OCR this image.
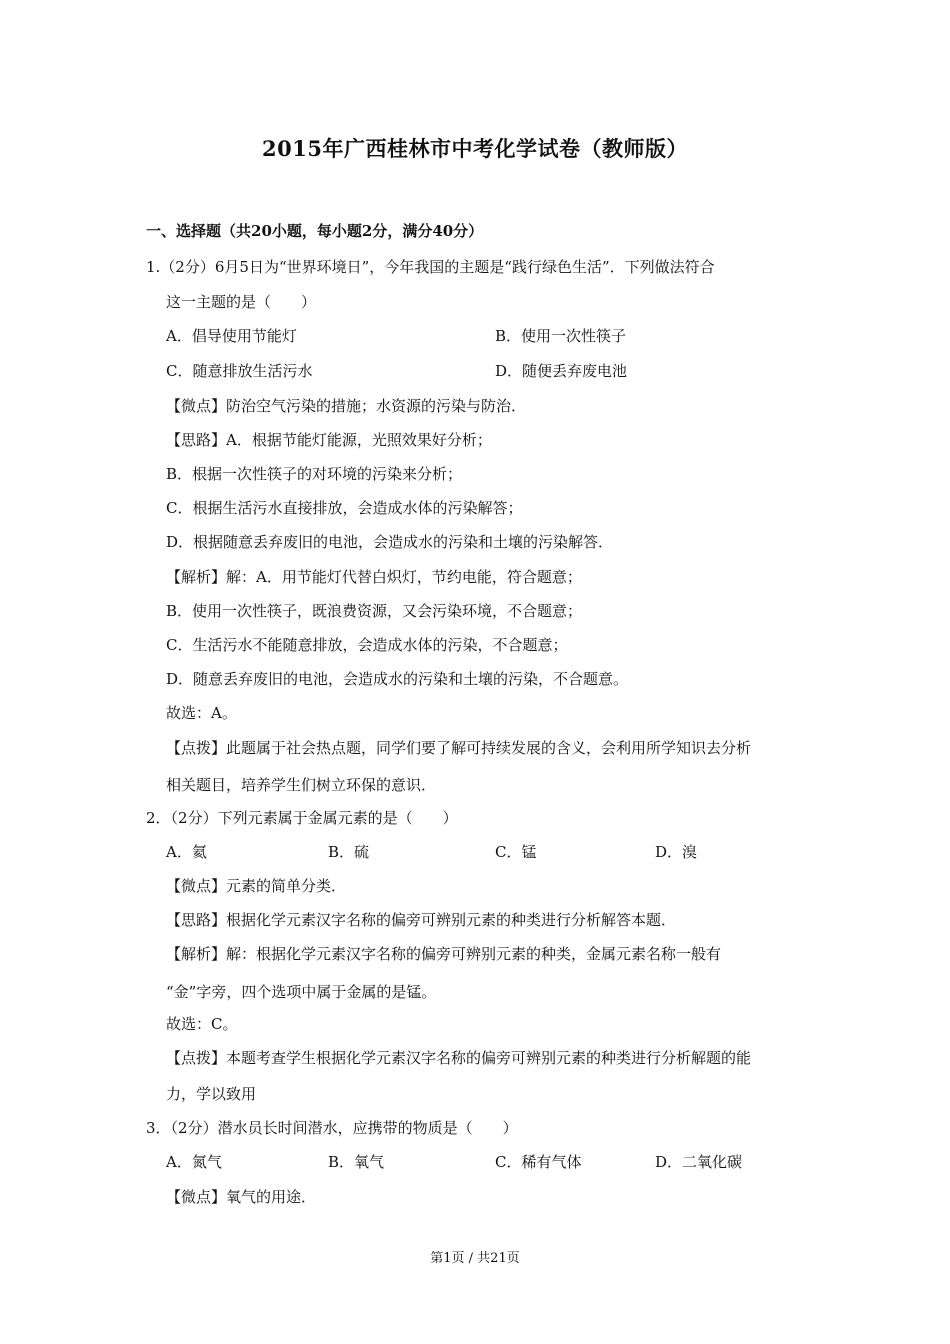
2015年广西桂林市中考化学试卷（教师版）
一、选择题（共20小题，每小题2分，满分40分）
1.（2分）6月5日为“世界环境日”，今年我国的主题是“践行绿色生活”．下列做法符合
这一主题的是（　　）
A．倡导使用节能灯	B．使用一次性筷子
C．随意排放生活污水	D．随便丢弃废电池
【微点】防治空气污染的措施；水资源的污染与防治．
【思路】A．根据节能灯能源，光照效果好分析；
B．根据一次性筷子的对环境的污染来分析；
C．根据生活污水直接排放，会造成水体的污染解答；
D．根据随意丢弃废旧的电池，会造成水的污染和土壤的污染解答．
【解析】解：A．用节能灯代替白炽灯，节约电能，符合题意；
B．使用一次性筷子，既浪费资源，又会污染环境，不合题意；
C．生活污水不能随意排放，会造成水体的污染，不合题意；
D．随意丢弃废旧的电池，会造成水的污染和土壤的污染，不合题意。
故选：A。
【点拨】此题属于社会热点题，同学们要了解可持续发展的含义，会利用所学知识去分析
相关题目，培养学生们树立环保的意识．
2．（2分）下列元素属于金属元素的是（　　）
A．氦	B．硫	C．锰	D．溴
【微点】元素的简单分类．
【思路】根据化学元素汉字名称的偏旁可辨别元素的种类进行分析解答本题．
【解析】解：根据化学元素汉字名称的偏旁可辨别元素的种类，金属元素名称一般有
“金”字旁，四个选项中属于金属的是锰。
故选：C。
【点拨】本题考查学生根据化学元素汉字名称的偏旁可辨别元素的种类进行分析解题的能
力，学以致用
3．（2分）潜水员长时间潜水，应携带的物质是（　　）
A．氮气	B．氧气	C．稀有气体	D．二氧化碳
【微点】氧气的用途．
第1页 / 共21页
